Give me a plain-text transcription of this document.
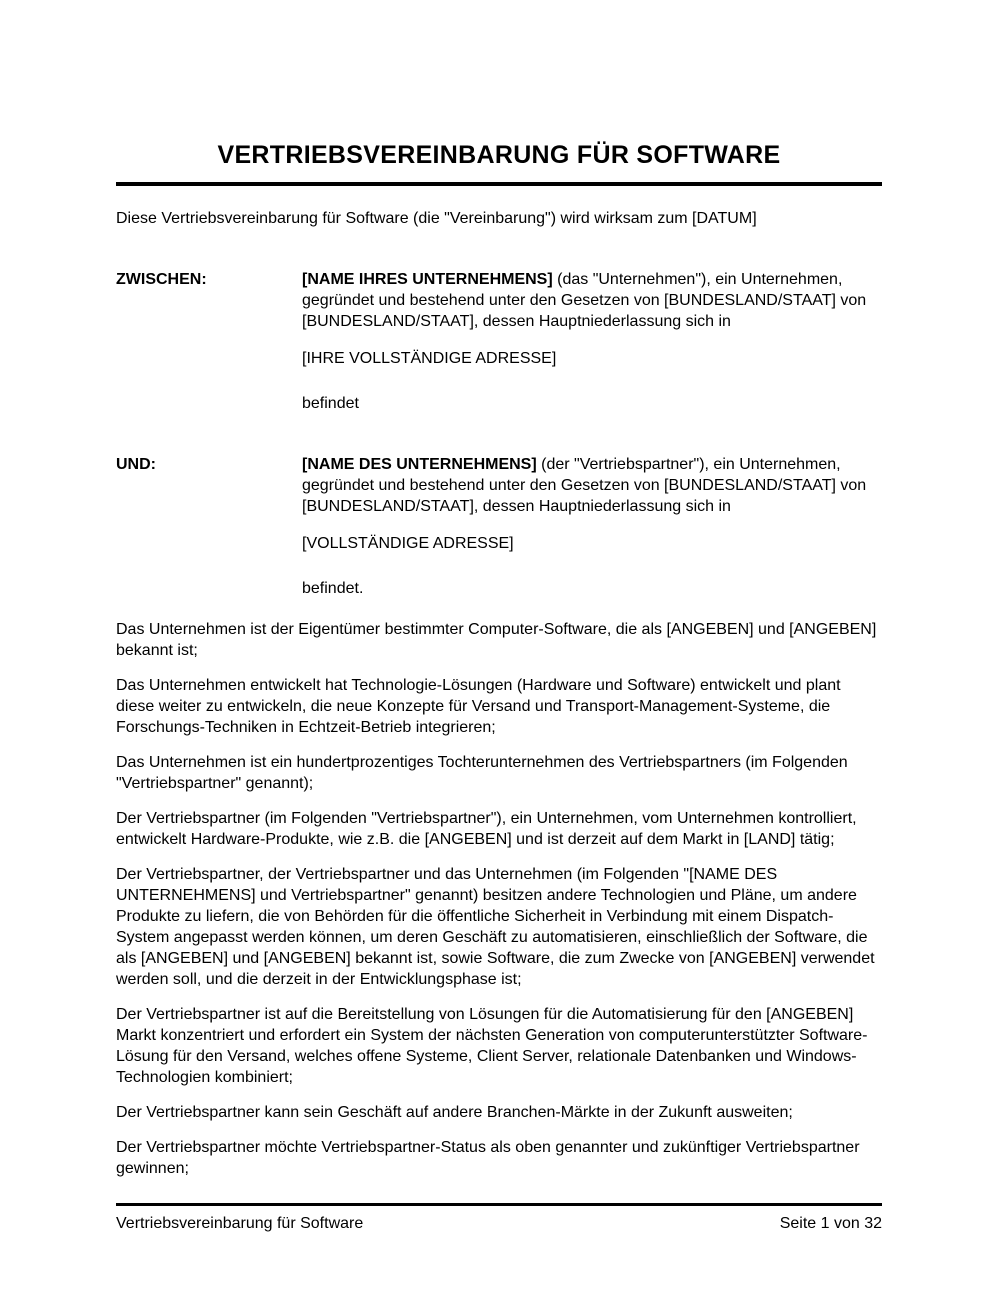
VERTRIEBSVEREINBARUNG FÜR SOFTWARE

Diese Vertriebsvereinbarung für Software (die "Vereinbarung") wird wirksam zum [DATUM]

ZWISCHEN:	[NAME IHRES UNTERNEHMENS] (das "Unternehmen"), ein Unternehmen, gegründet und bestehend unter den Gesetzen von [BUNDESLAND/STAAT] von [BUNDESLAND/STAAT], dessen Hauptniederlassung sich in

[IHRE VOLLSTÄNDIGE ADRESSE]

befindet

UND:	[NAME DES UNTERNEHMENS] (der "Vertriebspartner"), ein Unternehmen, gegründet und bestehend unter den Gesetzen von [BUNDESLAND/STAAT] von [BUNDESLAND/STAAT], dessen Hauptniederlassung sich in

[VOLLSTÄNDIGE ADRESSE]

befindet.

Das Unternehmen ist der Eigentümer bestimmter Computer-Software, die als [ANGEBEN] und [ANGEBEN] bekannt ist;

Das Unternehmen entwickelt hat Technologie-Lösungen (Hardware und Software) entwickelt und plant diese weiter zu entwickeln, die neue Konzepte für Versand und Transport-Management-Systeme, die Forschungs-Techniken in Echtzeit-Betrieb integrieren;

Das Unternehmen ist ein hundertprozentiges Tochterunternehmen des Vertriebspartners (im Folgenden "Vertriebspartner" genannt);

Der Vertriebspartner (im Folgenden "Vertriebspartner"), ein Unternehmen, vom Unternehmen kontrolliert, entwickelt Hardware-Produkte, wie z.B. die [ANGEBEN] und ist derzeit auf dem Markt in [LAND] tätig;

Der Vertriebspartner, der Vertriebspartner und das Unternehmen (im Folgenden "[NAME DES UNTERNEHMENS] und Vertriebspartner" genannt) besitzen andere Technologien und Pläne, um andere Produkte zu liefern, die von Behörden für die öffentliche Sicherheit in Verbindung mit einem Dispatch-System angepasst werden können, um deren Geschäft zu automatisieren, einschließlich der Software, die als [ANGEBEN] und [ANGEBEN] bekannt ist, sowie Software, die zum Zwecke von [ANGEBEN] verwendet werden soll, und die derzeit in der Entwicklungsphase ist;

Der Vertriebspartner ist auf die Bereitstellung von Lösungen für die Automatisierung für den [ANGEBEN] Markt konzentriert und erfordert ein System der nächsten Generation von computerunterstützter Software-Lösung für den Versand, welches offene Systeme, Client Server, relationale Datenbanken und Windows-Technologien kombiniert;

Der Vertriebspartner kann sein Geschäft auf andere Branchen-Märkte in der Zukunft ausweiten;

Der Vertriebspartner möchte Vertriebspartner-Status als oben genannter und zukünftiger Vertriebspartner gewinnen;

Vertriebsvereinbarung für Software	Seite 1 von 32
